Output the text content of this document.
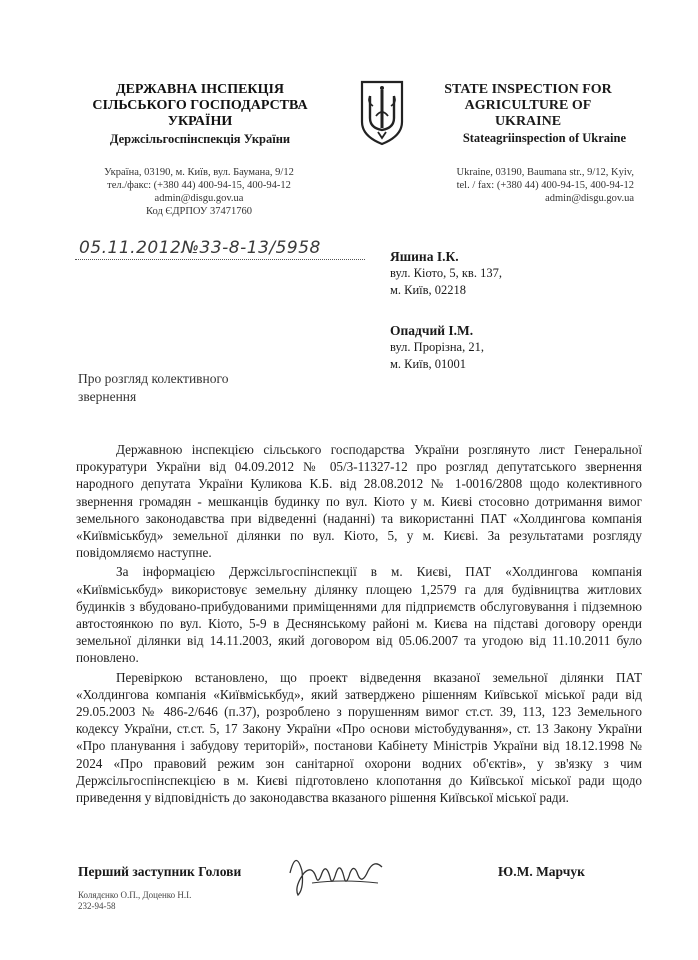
ДЕРЖАВНА ІНСПЕКЦІЯ
СІЛЬСЬКОГО ГОСПОДАРСТВА
УКРАЇНИ
Держсільгоспінспекція України
Україна, 03190, м. Київ, вул. Баумана, 9/12
тел./факс: (+380 44) 400-94-15, 400-94-12
admin@disgu.gov.ua
Код ЄДРПОУ 37471760
STATE INSPECTION FOR
AGRICULTURE OF
UKRAINE
Stateagriinspection of Ukraine
Ukraine, 03190, Baumana str., 9/12, Kyiv,
tel. / fax: (+380 44) 400-94-15, 400-94-12
admin@disgu.gov.ua
05.11.2012№33-8-13/5958	Яшина І.К.
вул. Кіото, 5, кв. 137,
м. Київ, 02218
Опадчий І.М.
вул. Прорізна, 21,
м. Київ, 01001
Про розгляд колективного
звернення

Державною інспекцією сільського господарства України розглянуто лист Генеральної прокуратури України від 04.09.2012 № 05/3-11327-12 про розгляд депутатського звернення народного депутата України Куликова К.Б. від 28.08.2012 № 1-0016/2808 щодо колективного звернення громадян - мешканців будинку по вул. Кіото у м. Києві стосовно дотримання вимог земельного законодавства при відведенні (наданні) та використанні ПАТ «Холдингова компанія «Київміськбуд» земельної ділянки по вул. Кіото, 5, у м. Києві. За результатами розгляду повідомляємо наступне.

За інформацією Держсільгоспінспекції в м. Києві, ПАТ «Холдингова компанія «Київміськбуд» використовує земельну ділянку площею 1,2579 га для будівництва житлових будинків з вбудовано-прибудованими приміщеннями для підприємств обслуговування і підземною автостоянкою по вул. Кіото, 5-9 в Деснянському районі м. Києва на підставі договору оренди земельної ділянки від 14.11.2003, який договором від 05.06.2007 та угодою від 11.10.2011 було поновлено.

Перевіркою встановлено, що проект відведення вказаної земельної ділянки ПАТ «Холдингова компанія «Київміськбуд», який затверджено рішенням Київської міської ради від 29.05.2003 № 486-2/646 (п.37), розроблено з порушенням вимог ст.ст. 39, 113, 123 Земельного кодексу України, ст.ст. 5, 17 Закону України «Про основи містобудування», ст. 13 Закону України «Про планування і забудову територій», постанови Кабінету Міністрів України від 18.12.1998 № 2024 «Про правовий режим зон санітарної охорони водних об'єктів», у зв'язку з чим Держсільгоспінспекцією в м. Києві підготовлено клопотання до Київської міської ради щодо приведення у відповідність до законодавства вказаного рішення Київської міської ради.

Перший заступник Голови	Ю.М. Марчук
Колядєнко О.П., Доценко Н.І.
232-94-58
